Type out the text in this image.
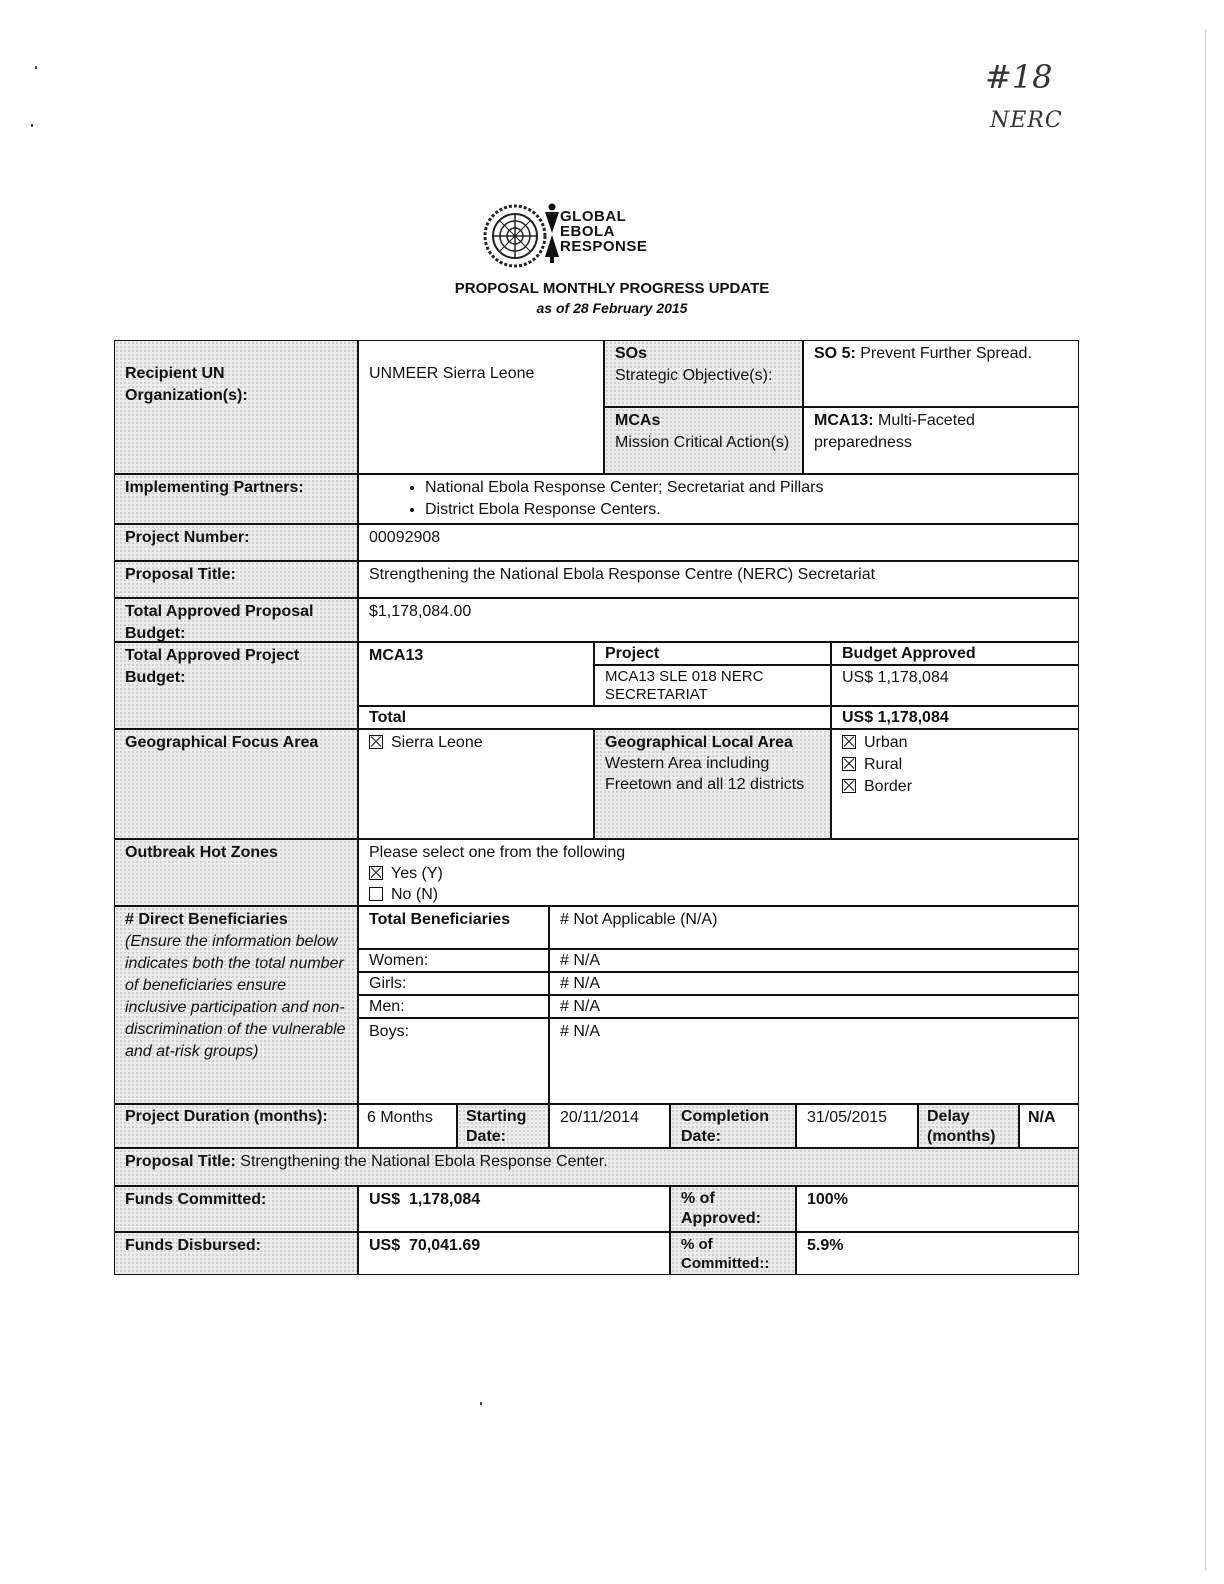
#18
NERC
GLOBAL
EBOLA
RESPONSE
PROPOSAL MONTHLY PROGRESS UPDATE
as of 28 February 2015
Recipient UN Organization(s):
UNMEER Sierra Leone
SOs
Strategic Objective(s):
SO 5: Prevent Further Spread.
MCAs
Mission Critical Action(s)
MCA13: Multi-Faceted preparedness
Implementing Partners:
•	National Ebola Response Center; Secretariat and Pillars
• District Ebola Response Centers.
Project Number:	00092908
Proposal Title:	Strengthening the National Ebola Response Centre (NERC) Secretariat
Total Approved Proposal Budget:
$1,178,084.00
Total Approved Project Budget:
MCA13	Project	Budget Approved
MCA13 SLE 018 NERC SECRETARIAT
US$ 1,178,084
Total	US$ 1,178,084
Geographical Focus Area	Sierra Leone	Geographical Local Area
Western Area including Freetown and all 12 districts
Urban
Rural
Border
Outbreak Hot Zones	Please select one from the following
Yes (Y)
No (N)
# Direct Beneficiaries
(Ensure the information below indicates both the total number of beneficiaries ensure inclusive participation and non-discrimination of the vulnerable and at-risk groups)
Total Beneficiaries	# Not Applicable (N/A)
Women:	# N/A
Girls:	# N/A
Men:	# N/A
Boys:	# N/A
Project Duration (months):	6 Months	Starting Date:
20/11/2014	Completion Date:
31/05/2015	Delay (months)
N/A
Proposal Title: Strengthening the National Ebola Response Center.
Funds Committed:	US$ 1,178,084	% of Approved:
100%
Funds Disbursed:	US$ 70,041.69	% of Committed::
5.9%
